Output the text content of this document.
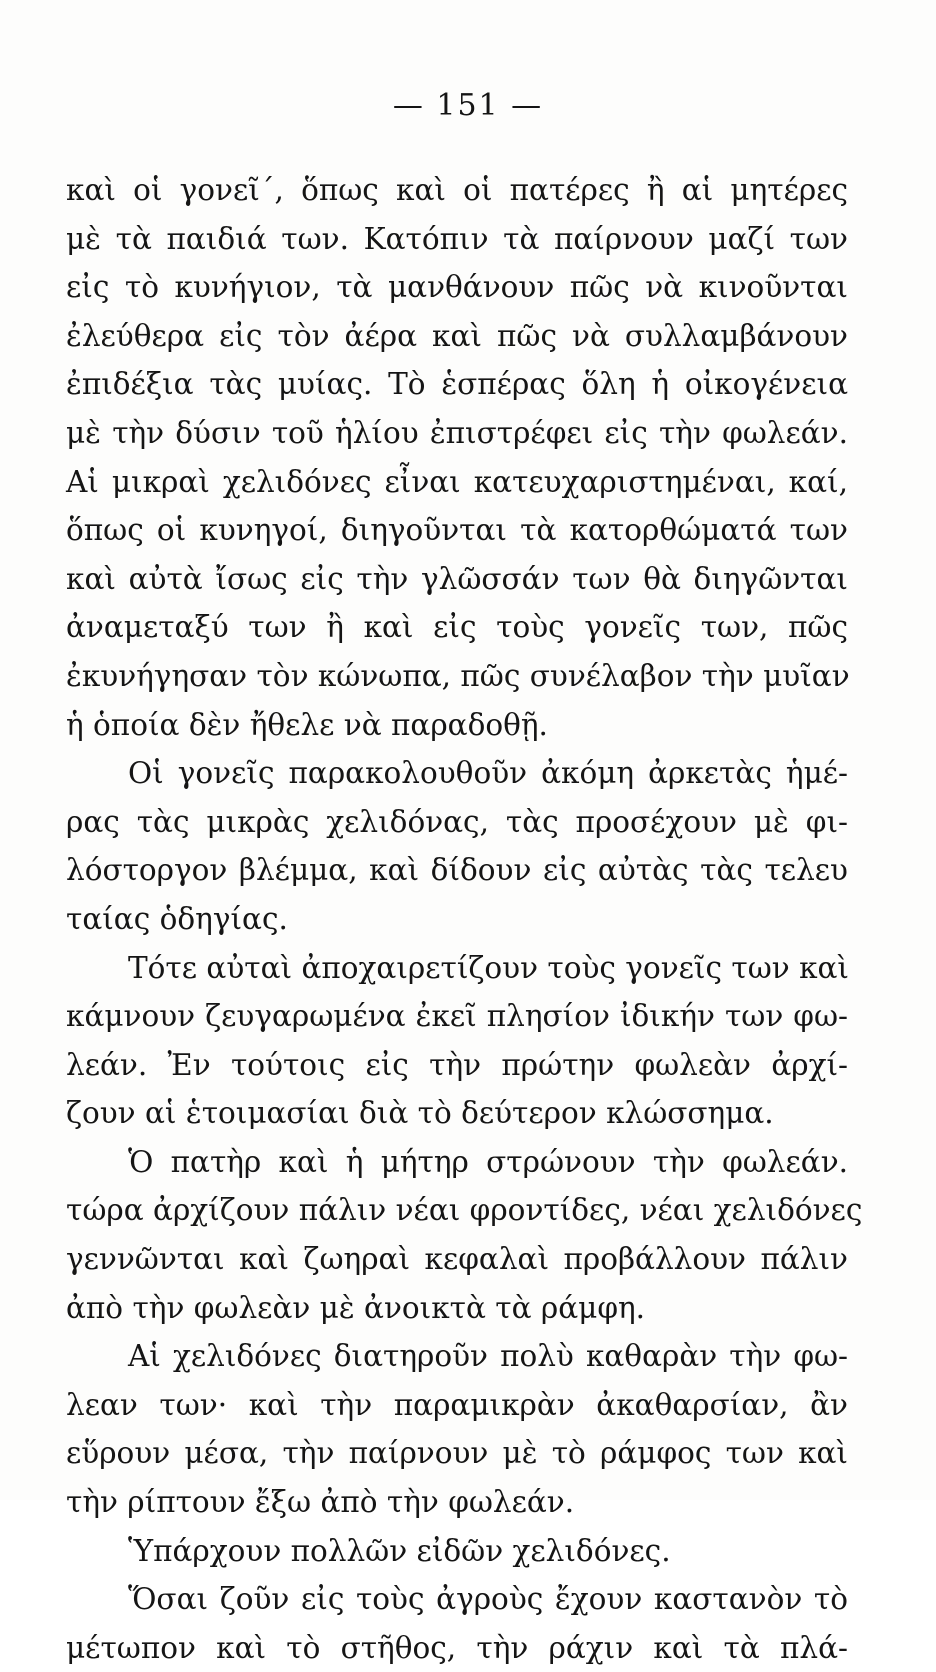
— 151 —
καὶ οἱ γονεῖ΄, ὅπως καὶ οἱ πατέρες ἢ αἱ μητέρες
μὲ τὰ παιδιά των. Κατόπιν τὰ παίρνουν μαζί των
εἰς τὸ κυνήγιον, τὰ μανθάνουν πῶς νὰ κινοῦνται
ἐλεύθερα εἰς τὸν ἀέρα καὶ πῶς νὰ συλλαμβάνουν
ἐπιδέξια τὰς μυίας. Τὸ ἑσπέρας ὅλη ἡ οἰκογένεια
μὲ τὴν δύσιν τοῦ ἡλίου ἐπιστρέφει εἰς τὴν φωλεάν.
Αἱ μικραὶ χελιδόνες εἶναι κατευχαριστημέναι, καί,
ὅπως οἱ κυνηγοί, διηγοῦνται τὰ κατορθώματά των
καὶ αὐτὰ ἴσως εἰς τὴν γλῶσσάν των θὰ διηγῶνται
ἀναμεταξύ των ἢ καὶ εἰς τοὺς γονεῖς των, πῶς
ἐκυνήγησαν τὸν κώνωπα, πῶς συνέλαβον τὴν μυῖαν
ἡ ὁποία δὲν ἤθελε νὰ παραδοθῇ.
Οἱ γονεῖς παρακολουθοῦν ἀκόμη ἀρκετὰς ἡμέ-
ρας τὰς μικρὰς χελιδόνας, τὰς προσέχουν μὲ φι-
λόστοργον βλέμμα, καὶ δίδουν εἰς αὐτὰς τὰς τελευ
ταίας ὁδηγίας.
Τότε αὐταὶ ἀποχαιρετίζουν τοὺς γονεῖς των καὶ
κάμνουν ζευγαρωμένα ἐκεῖ πλησίον ἰδικήν των φω-
λεάν. Ἐν τούτοις εἰς τὴν πρώτην φωλεὰν ἀρχί-
ζουν αἱ ἑτοιμασίαι διὰ τὸ δεύτερον κλώσσημα.
Ὁ πατὴρ καὶ ἡ μήτηρ στρώνουν τὴν φωλεάν.
τώρα ἀρχίζουν πάλιν νέαι φροντίδες, νέαι χελιδόνες
γεννῶνται καὶ ζωηραὶ κεφαλαὶ προβάλλουν πάλιν
ἀπὸ τὴν φωλεὰν μὲ ἀνοικτὰ τὰ ράμφη.
Αἱ χελιδόνες διατηροῦν πολὺ καθαρὰν τὴν φω-
λεαν των· καὶ τὴν παραμικρὰν ἀκαθαρσίαν, ἂν
εὕρουν μέσα, τὴν παίρνουν μὲ τὸ ράμφος των καὶ
τὴν ρίπτουν ἔξω ἀπὸ τὴν φωλεάν.
Ὑπάρχουν πολλῶν εἰδῶν χελιδόνες.
Ὅσαι ζοῦν εἰς τοὺς ἀγροὺς ἔχουν καστανὸν τὸ
μέτωπον καὶ τὸ στῆθος, τὴν ράχιν καὶ τὰ πλά-
